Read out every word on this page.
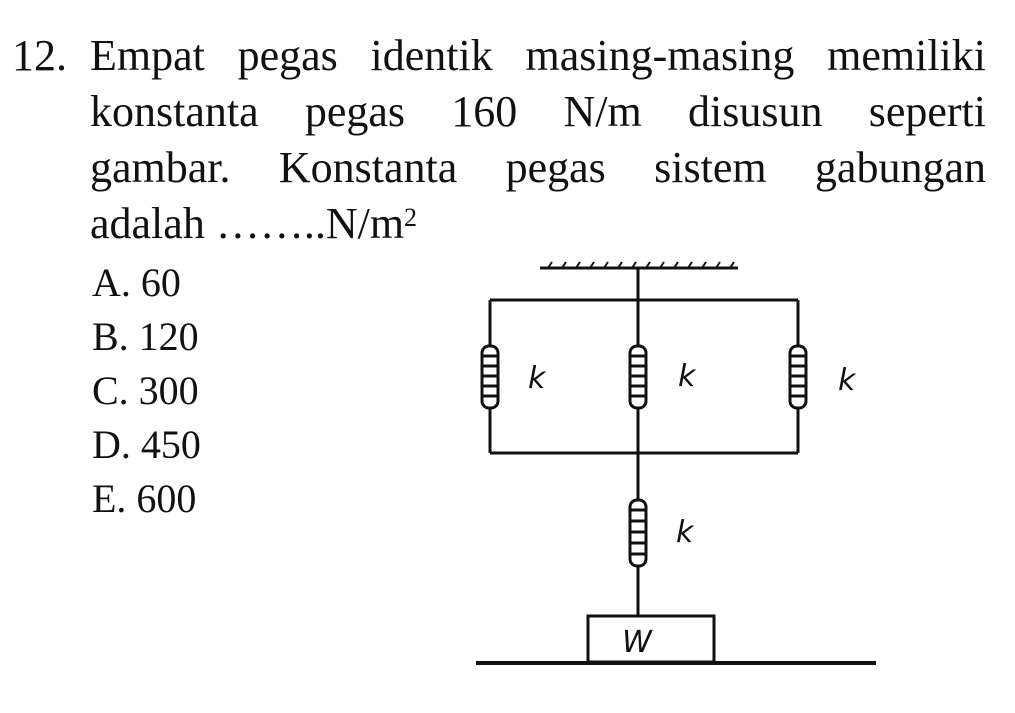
12. Empat pegas identik masing-masing memiliki
konstanta pegas 160 N/m disusun seperti
gambar. Konstanta pegas sistem gabungan
adalah $\dots\dots..N/m^2$
A. 60
B. 120
C. 300
D. 450
E. 600
k	k	k
k
W
